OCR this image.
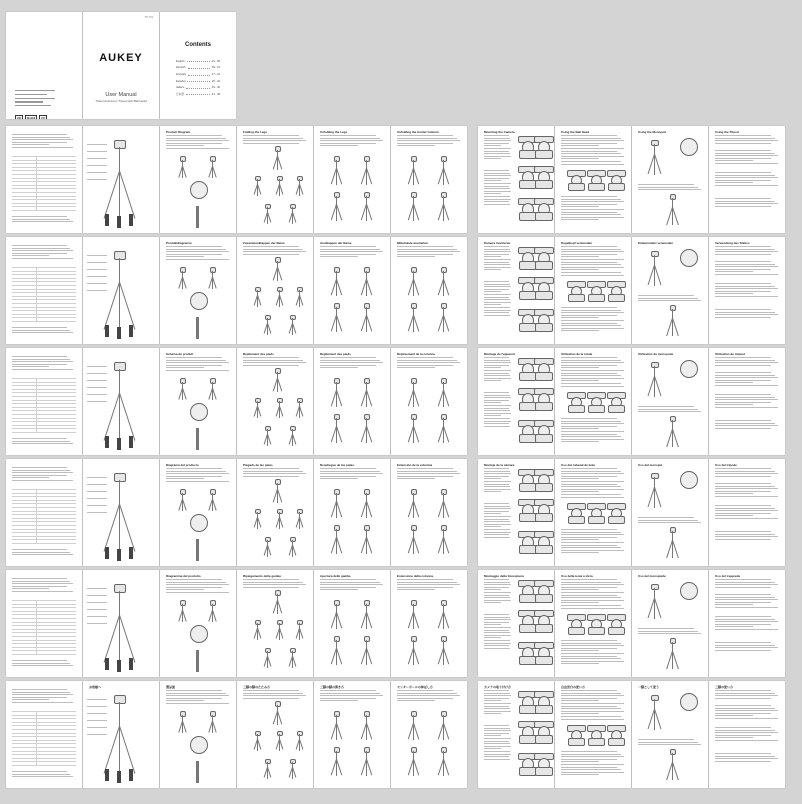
TP-T01
AUKEY
User Manual
Travel Aluminum Tripod with Ball Head
CE	RoHS	FC
Contents
English	01 - 08
Deutsch	09 - 16
Français	17 - 24
Español	25 - 32
Italiano	33 - 40
日本語	41 - 48
Product Diagram	Folding the Legs	Unfolding the Legs	Unfolding the Center Column	Mounting the Camera	Using the Ball Head	Using the Monopod	Using the Tripod
Produktdiagramm	Zusammenklappen der Beine	Ausklappen der Beine	Mittelsäule ausziehen	Kamera montieren	Kugelkopf verwenden	Einbeinstativ verwenden	Verwendung des Stativs
Schéma du produit	Repliement des pieds	Dépliement des pieds	Déploiement de la colonne	Montage de l'appareil	Utilisation de la rotule	Utilisation du monopode	Utilisation du trépied
Diagrama del producto	Plegado de las patas	Despliegue de las patas	Extensión de la columna	Montaje de la cámara	Uso del cabezal de bola	Uso del monopié	Uso del trípode
Diagramma del prodotto	Ripiegamento delle gambe	Apertura delle gambe	Estensione della colonna	Montaggio della fotocamera	Uso della testa a sfera	Uso del monopiede	Uso del treppiede
お客様へ	製品図	三脚の脚のたたみ方	三脚の脚の開き方	センターポールの伸ばし方	カメラの取り付け方	自由雲台の使い方	一脚として使う	三脚の使い方
